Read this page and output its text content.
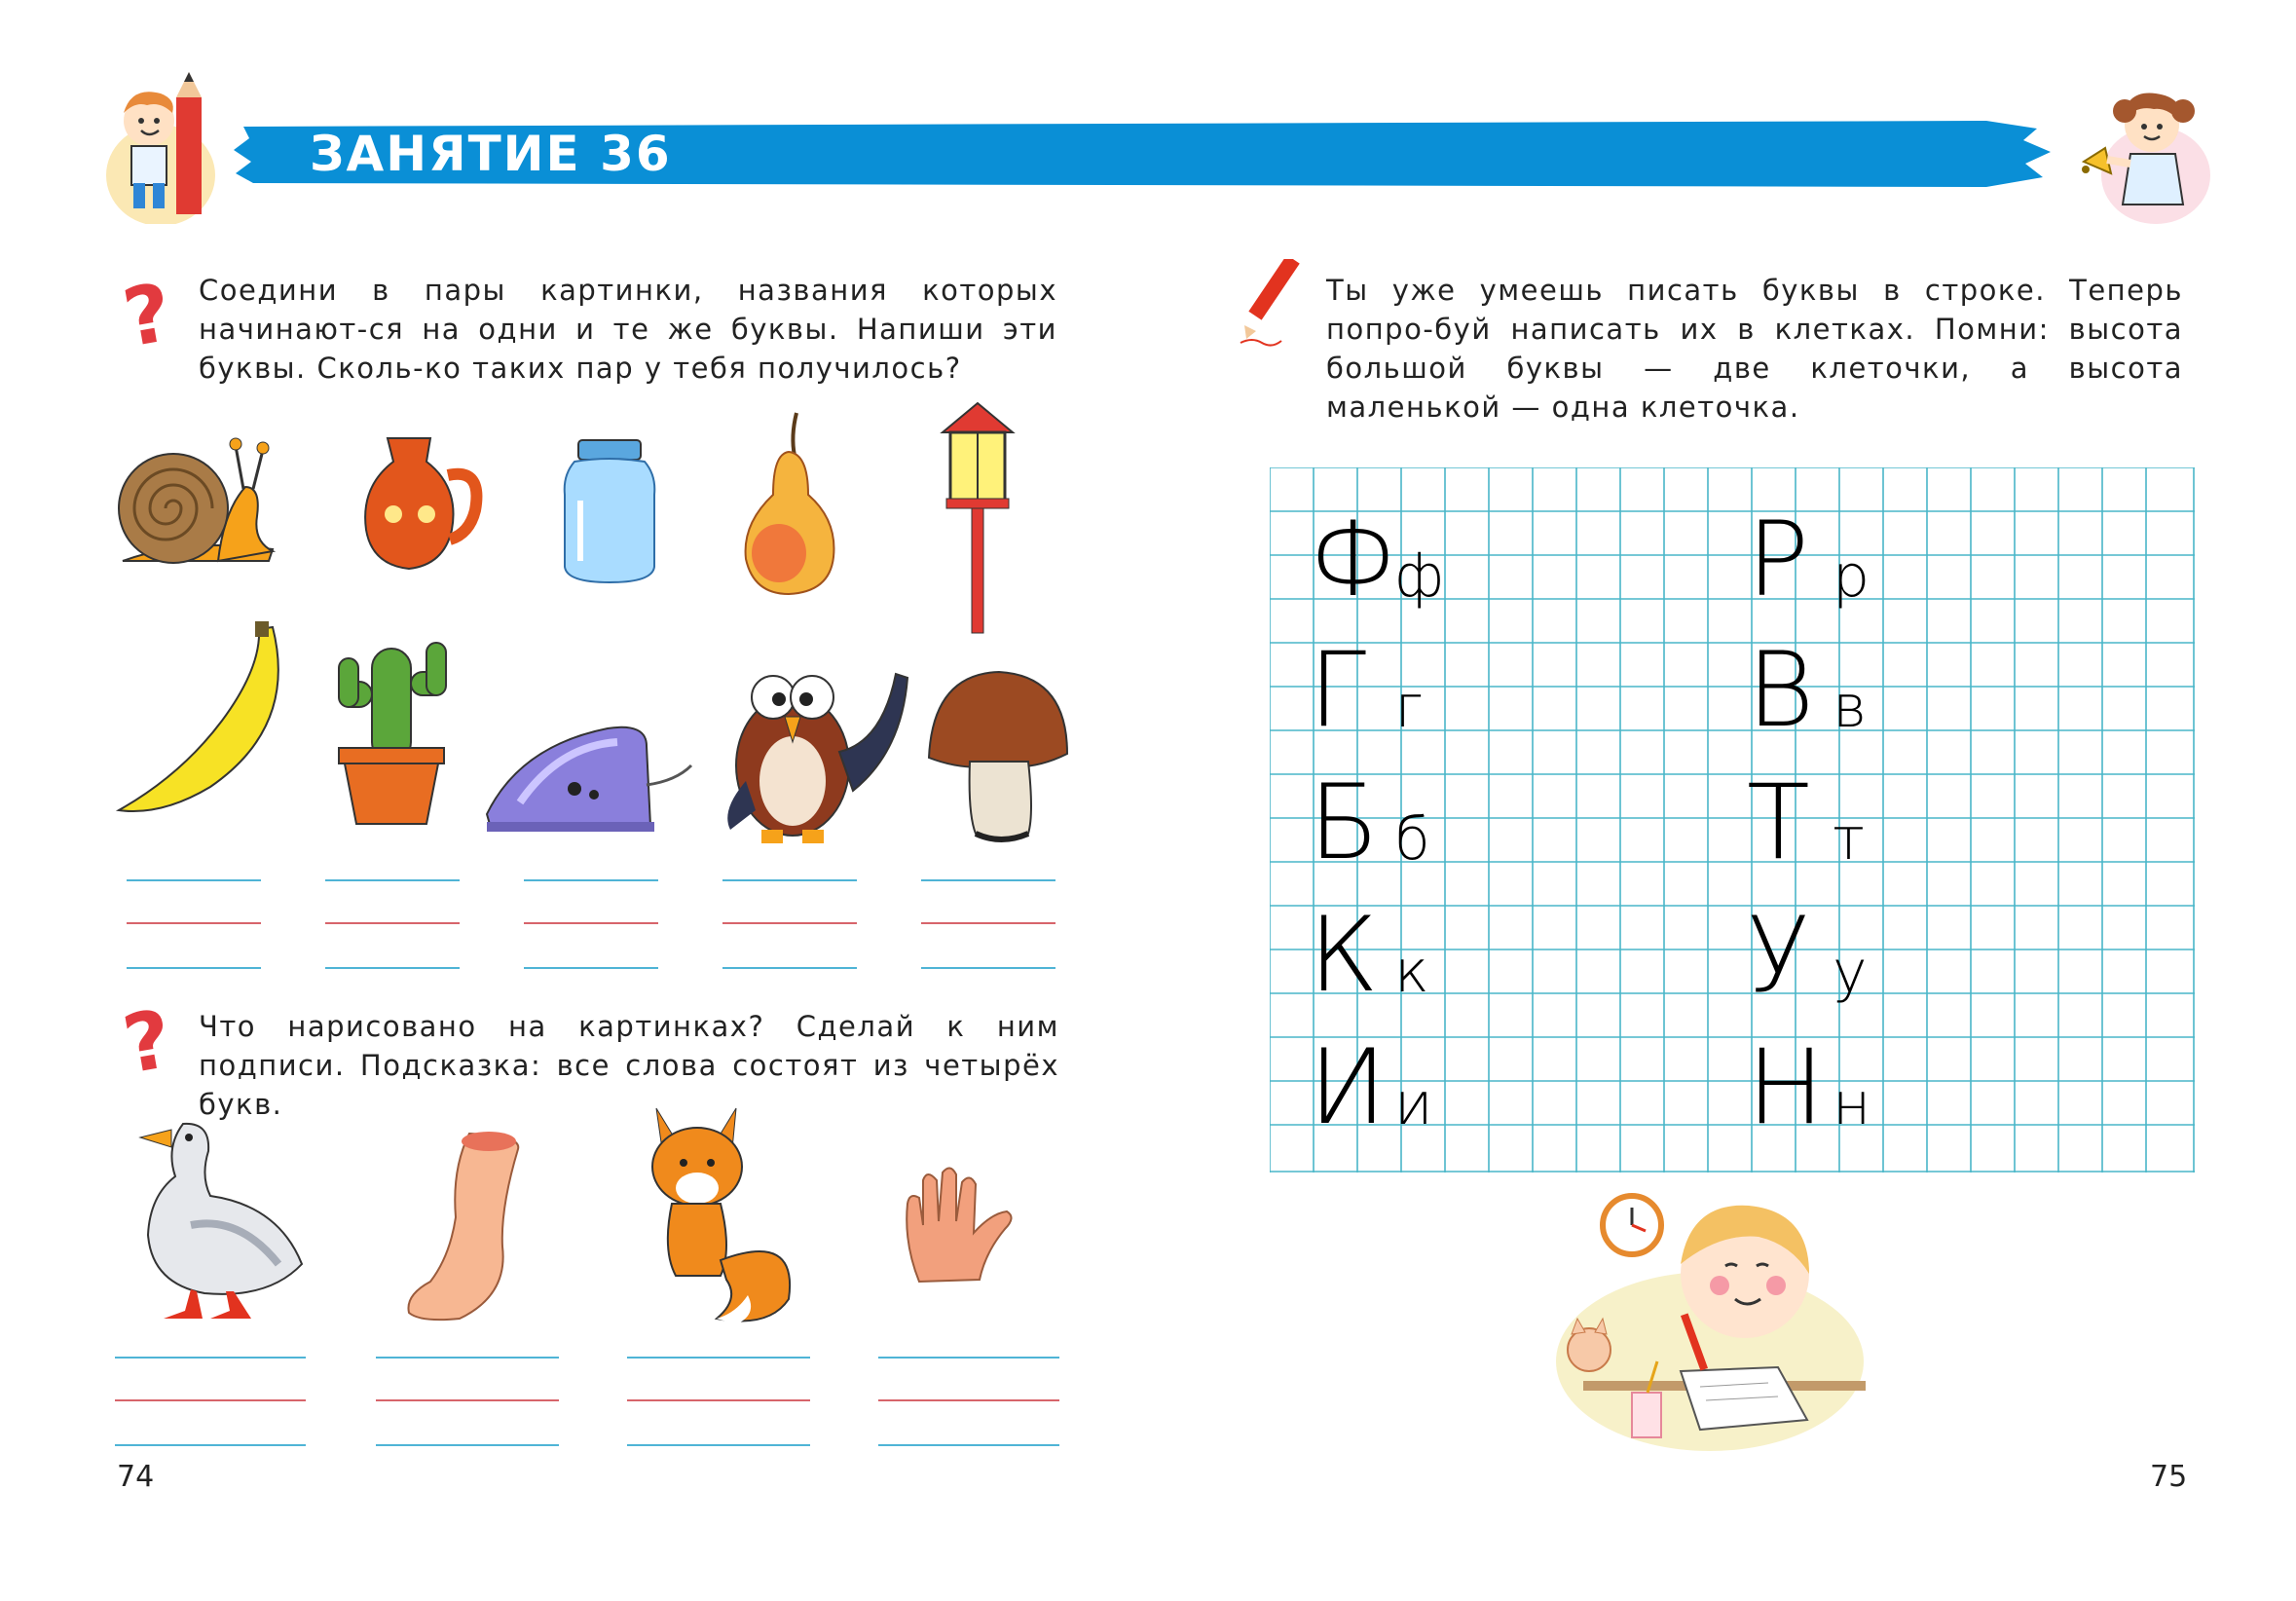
ЗАНЯТИЕ 36
? Соедини в пары картинки, названия которых начинают-ся на одни и те же буквы. Напиши эти буквы. Сколь-ко таких пар у тебя получилось?
? Что нарисовано на картинках? Сделай к ним подписи. Подсказка: все слова состоят из четырёх букв.
74
Ты уже умеешь писать буквы в строке. Теперь попро-буй написать их в клетках. Помни: высота большой буквы — две клеточки, а высота маленькой — одна клеточка.
Ф
ф
Г г
Б б
К к
И и
Р р
В в
Т т
У у
Н н
75
